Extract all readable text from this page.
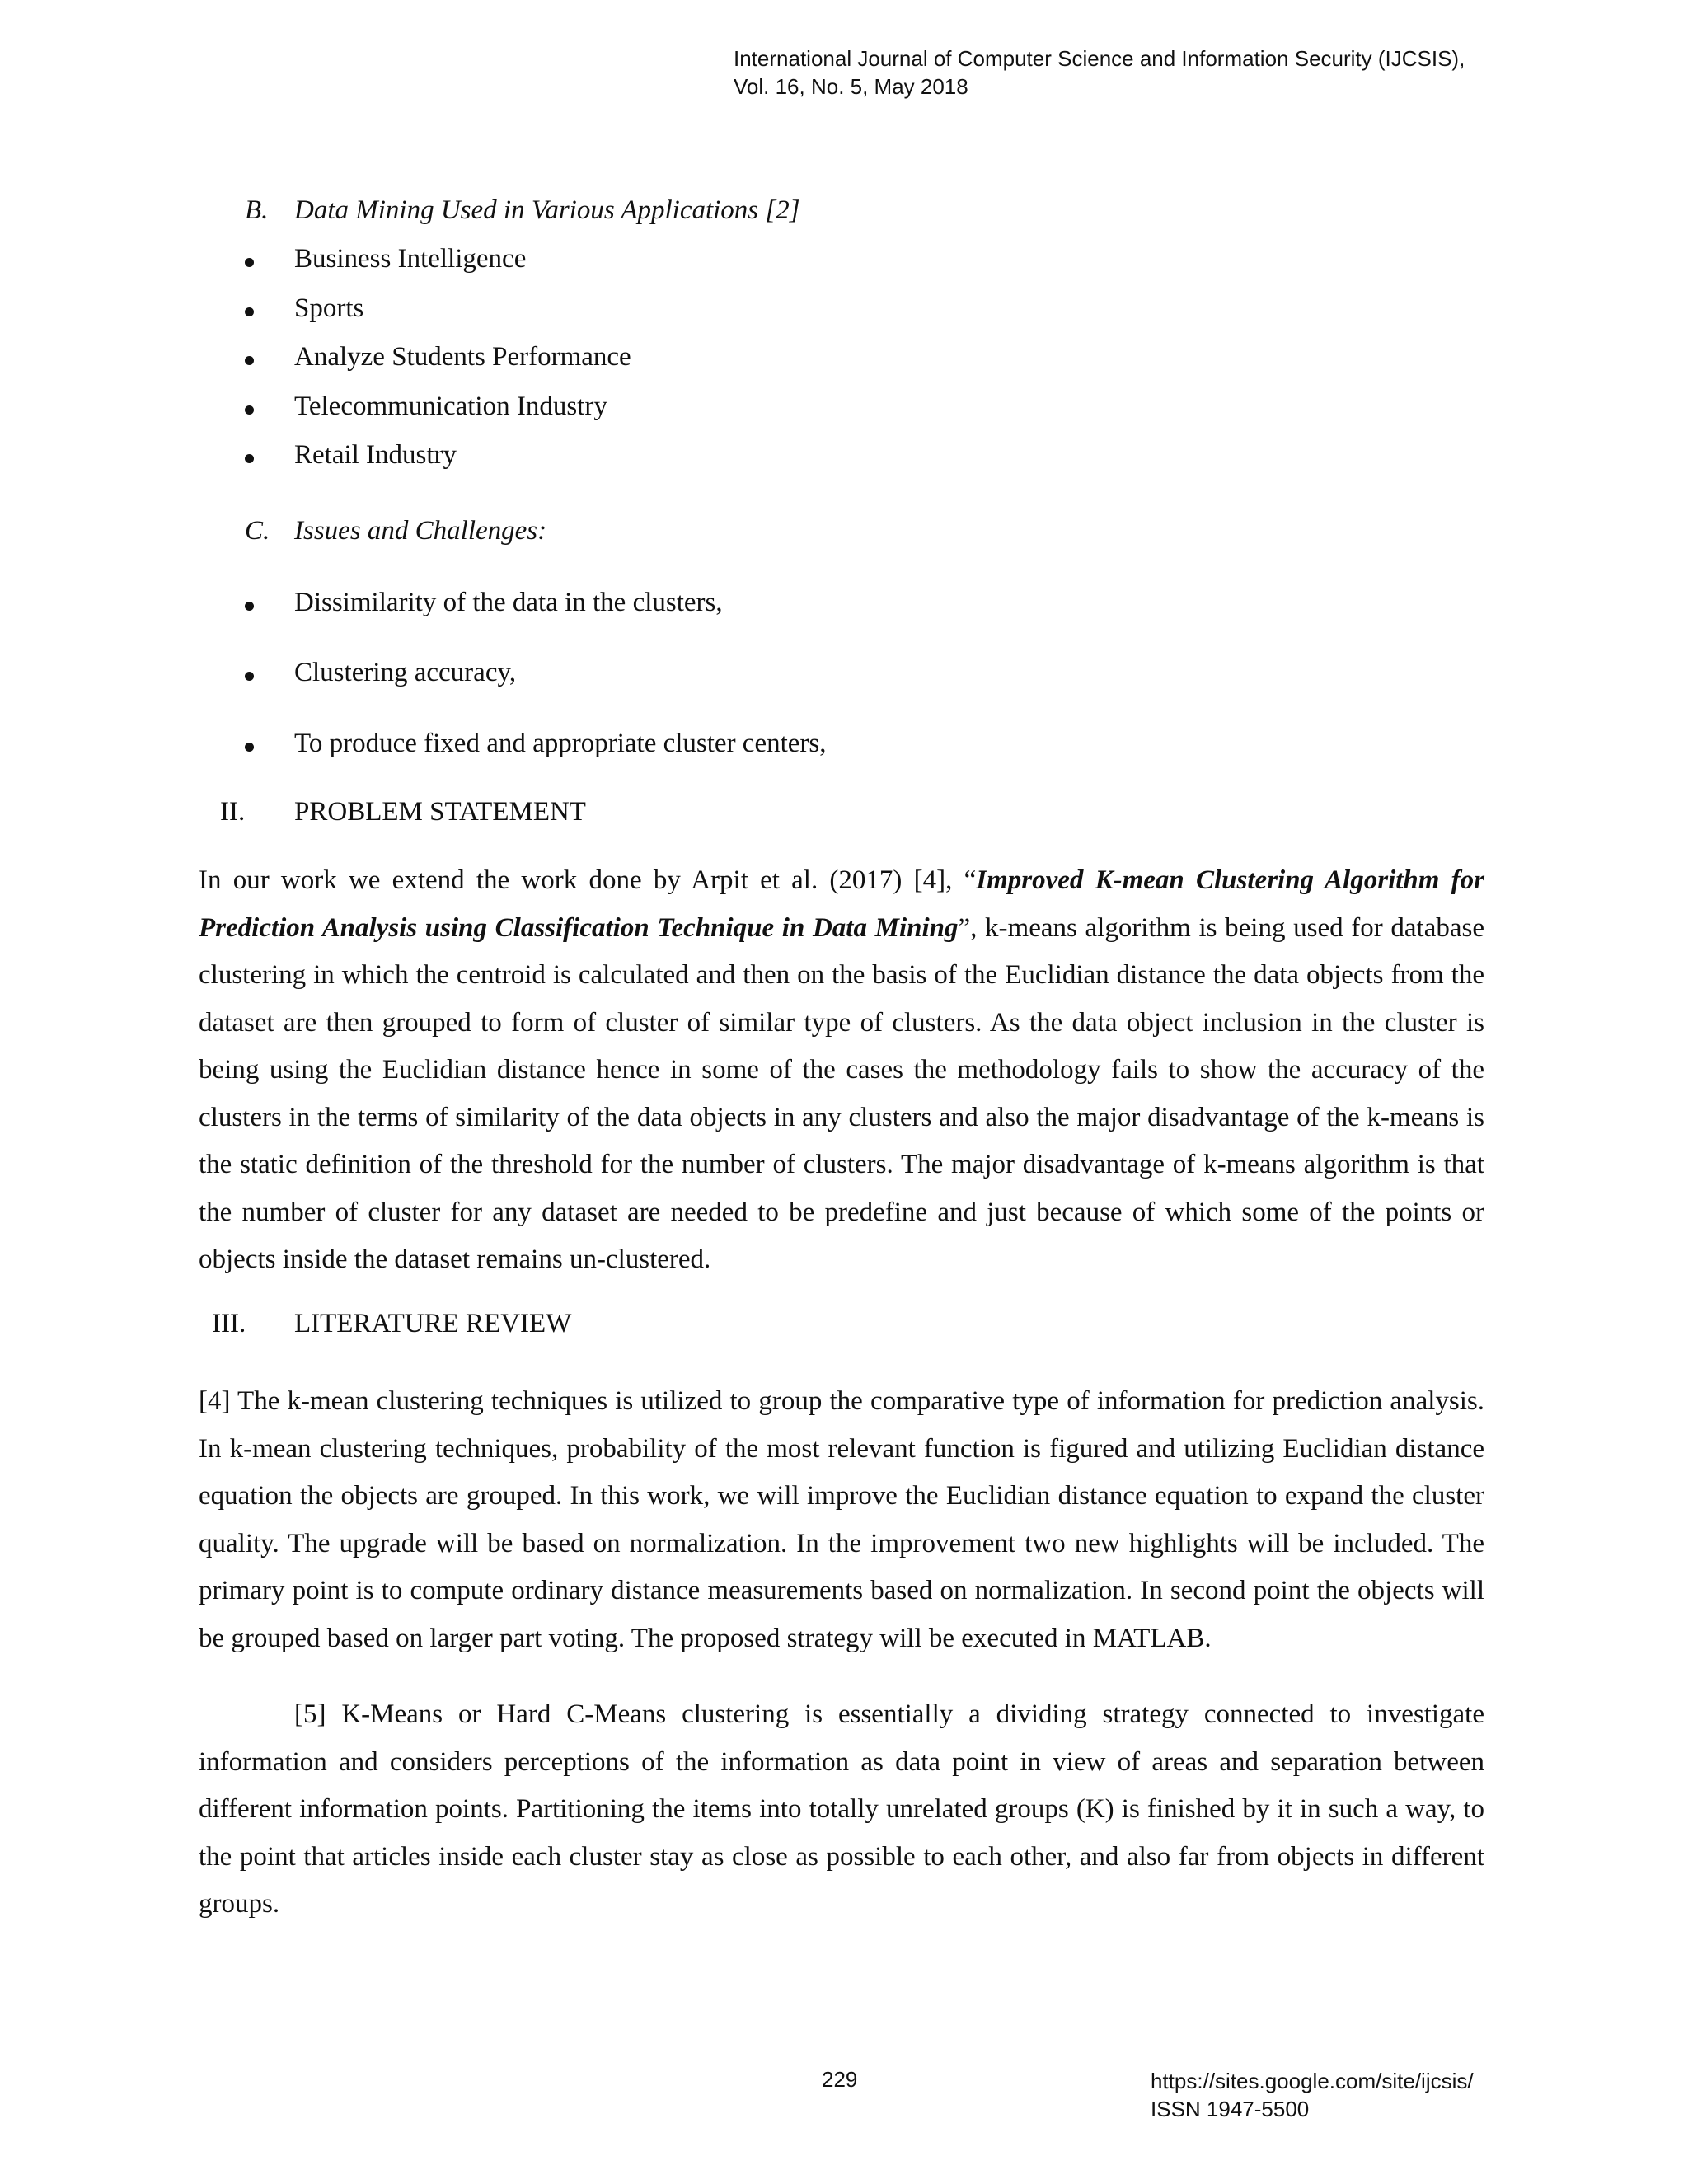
International Journal of Computer Science and Information Security (IJCSIS),
Vol. 16, No. 5, May 2018
B. Data Mining Used in Various Applications [2]
Business Intelligence
Sports
Analyze Students Performance
Telecommunication Industry
Retail Industry
C. Issues and Challenges:
Dissimilarity of the data in the clusters,
Clustering accuracy,
To produce fixed and appropriate cluster centers,
II. PROBLEM STATEMENT
In our work we extend the work done by Arpit et al. (2017) [4], “Improved K-mean Clustering Algorithm for Prediction Analysis using Classification Technique in Data Mining”, k-means algorithm is being used for database clustering in which the centroid is calculated and then on the basis of the Euclidian distance the data objects from the dataset are then grouped to form of cluster of similar type of clusters. As the data object inclusion in the cluster is being using the Euclidian distance hence in some of the cases the methodology fails to show the accuracy of the clusters in the terms of similarity of the data objects in any clusters and also the major disadvantage of the k-means is the static definition of the threshold for the number of clusters. The major disadvantage of k-means algorithm is that the number of cluster for any dataset are needed to be predefine and just because of which some of the points or objects inside the dataset remains un-clustered.
III. LITERATURE REVIEW
[4] The k-mean clustering techniques is utilized to group the comparative type of information for prediction analysis. In k-mean clustering techniques, probability of the most relevant function is figured and utilizing Euclidian distance equation the objects are grouped. In this work, we will improve the Euclidian distance equation to expand the cluster quality. The upgrade will be based on normalization. In the improvement two new highlights will be included. The primary point is to compute ordinary distance measurements based on normalization. In second point the objects will be grouped based on larger part voting. The proposed strategy will be executed in MATLAB.
[5] K-Means or Hard C-Means clustering is essentially a dividing strategy connected to investigate information and considers perceptions of the information as data point in view of areas and separation between different information points. Partitioning the items into totally unrelated groups (K) is finished by it in such a way, to the point that articles inside each cluster stay as close as possible to each other, and also far from objects in different groups.
229	https://sites.google.com/site/ijcsis/
ISSN 1947-5500
